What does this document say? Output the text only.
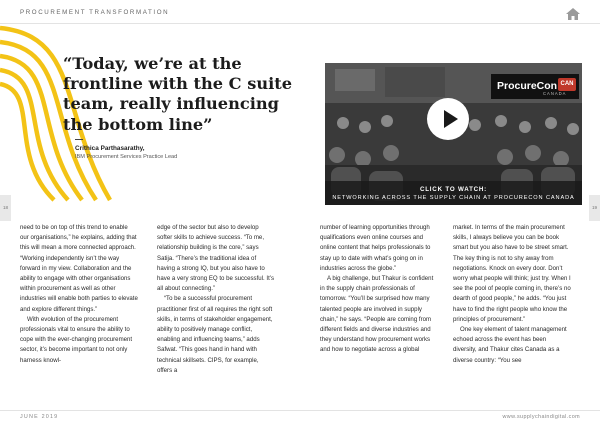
PROCUREMENT TRANSFORMATION
“Today, we’re at the frontline with the C suite team, really influencing the bottom line”
Crithica Parthasarathy,
IBM Procurement Services Practice Lead
ProcureCon CAN
CANADA
CLICK TO WATCH:
NETWORKING ACROSS THE SUPPLY CHAIN AT PROCURECON CANADA
18	19

need to be on top of this trend to enable our organisations,” he explains, adding that this will mean a more connected approach. “Working independently isn’t the way forward in my view. Collaboration and the ability to engage with other organisations within procurement as well as other industries will enable both parties to elevate and explore different things.”

With evolution of the procurement professionals vital to ensure the ability to cope with the ever-changing procurement sector, it’s become important to not only harness knowl-

edge of the sector but also to develop softer skills to achieve success. “To me, relationship building is the core,” says Satija. “There’s the traditional idea of having a strong IQ, but you also have to have a very strong EQ to be successful. It’s all about connecting.”

“To be a successful procurement practitioner first of all requires the right soft skills, in terms of stakeholder engagement, ability to positively manage conflict, enabling and influencing teams,” adds Safwat. “This goes hand in hand with technical skillsets. CIPS, for example, offers a

number of learning opportunities through qualifications even online courses and online content that helps professionals to stay up to date with what’s going on in industries across the globe.”

A big challenge, but Thakur is confident in the supply chain professionals of tomorrow. “You’ll be surprised how many talented people are involved in supply chain,” he says. “People are coming from different fields and diverse industries and they understand how procurement works and how to negotiate across a global

market. In terms of the main procurement skills, I always believe you can be book smart but you also have to be street smart. The key thing is not to shy away from negotiations. Knock on every door. Don’t worry what people will think; just try. When I see the pool of people coming in, there’s no dearth of good people,” he adds. “You just have to find the right people who know the principles of procurement.”

One key element of talent management echoed across the event has been diversity, and Thakur cites Canada as a diverse country: “You see

JUNE 2019	www.supplychaindigital.com
